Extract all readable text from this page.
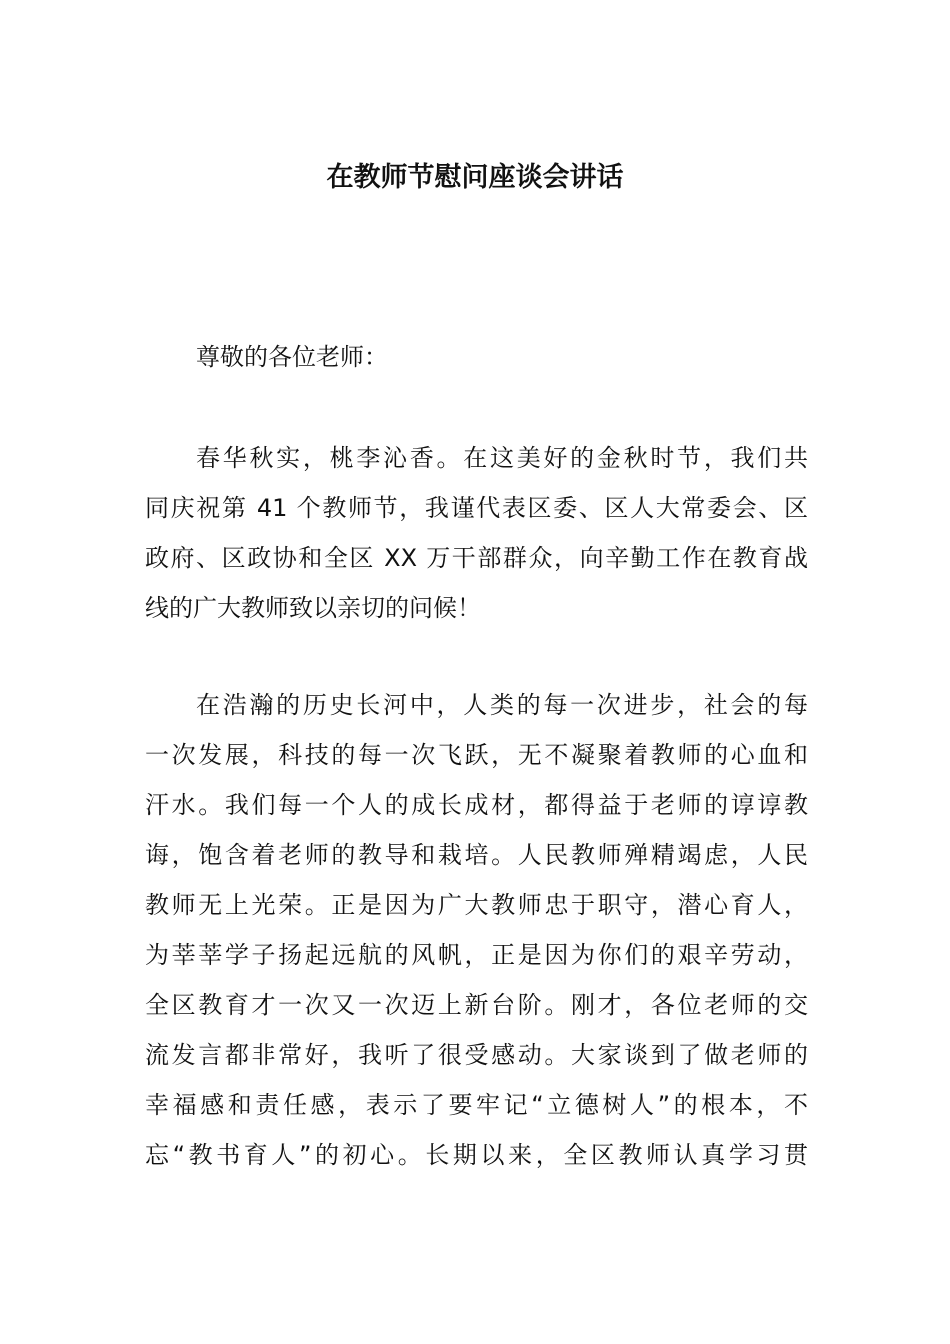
在教师节慰问座谈会讲话
尊敬的各位老师：
春华秋实，桃李沁香。在这美好的金秋时节，我们共
同庆祝第 41 个教师节，我谨代表区委、区人大常委会、区
政府、区政协和全区 XX 万干部群众，向辛勤工作在教育战
线的广大教师致以亲切的问候！
在浩瀚的历史长河中，人类的每一次进步，社会的每
一次发展，科技的每一次飞跃，无不凝聚着教师的心血和
汗水。我们每一个人的成长成材，都得益于老师的谆谆教
诲，饱含着老师的教导和栽培。人民教师殚精竭虑，人民
教师无上光荣。正是因为广大教师忠于职守，潜心育人，
为莘莘学子扬起远航的风帆，正是因为你们的艰辛劳动，
全区教育才一次又一次迈上新台阶。刚才，各位老师的交
流发言都非常好，我听了很受感动。大家谈到了做老师的
幸福感和责任感，表示了要牢记“立德树人”的根本，不
忘“教书育人”的初心。长期以来，全区教师认真学习贯
